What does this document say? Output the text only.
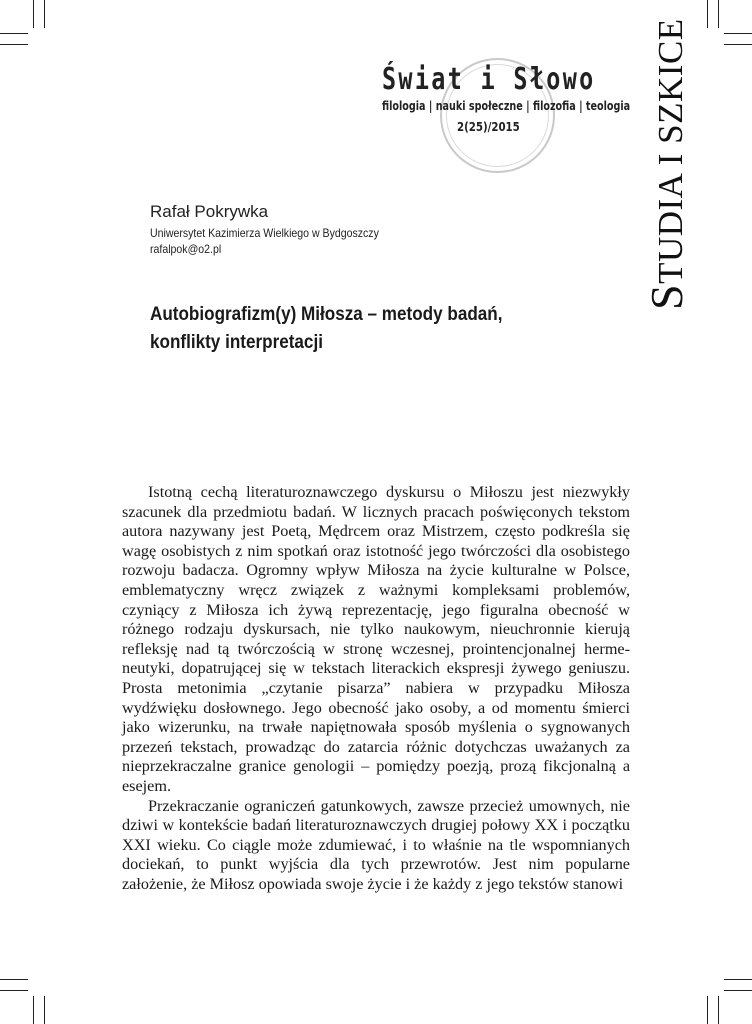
Świat i Słowo

filologia | nauki społeczne | filozofia | teologia

2(25)/2015

STUDIA I SZKICE

Rafał Pokrywka

Uniwersytet Kazimierza Wielkiego w Bydgoszczy

rafalpok@o2.pl

Autobiografizm(y) Miłosza – metody badań,
konflikty interpretacji

Istotną cechą literaturoznawczego dyskursu o Miłoszu jest niezwykły szacunek dla przedmiotu badań. W licznych pracach poświęconych tekstom autora nazywany jest Poetą, Mędrcem oraz Mistrzem, często podkreśla się wagę osobistych z nim spotkań oraz istotność jego twórczości dla osobistego rozwoju badacza. Ogromny wpływ Miłosza na życie kulturalne w Polsce, emblematyczny wręcz związek z ważnymi kompleksami problemów, czyniący z Miłosza ich żywą reprezentację, jego figuralna obecność w różnego rodzaju dyskursach, nie tylko naukowym, nieuchronnie kierują refleksję nad tą twórczością w stronę wczesnej, prointencjonalnej hermeneutyki, dopatrującej się w tekstach literackich ekspresji żywego geniuszu. Prosta metonimia „czytanie pisarza” nabiera w przypadku Miłosza wydźwięku dosłownego. Jego obecność jako osoby, a od momentu śmierci jako wizerunku, na trwałe napiętnowała sposób myślenia o sygnowanych przezeń tekstach, prowadząc do zatarcia różnic dotychczas uważanych za nieprzekraczalne granice genologii – pomiędzy poezją, prozą fikcjonalną a esejem.

Przekraczanie ograniczeń gatunkowych, zawsze przecież umownych, nie dziwi w kontekście badań literaturoznawczych drugiej połowy XX i początku XXI wieku. Co ciągle może zdumiewać, i to właśnie na tle wspomnianych dociekań, to punkt wyjścia dla tych przewrotów. Jest nim popularne założenie, że Miłosz opowiada swoje życie i że każdy z jego tekstów stanowi
